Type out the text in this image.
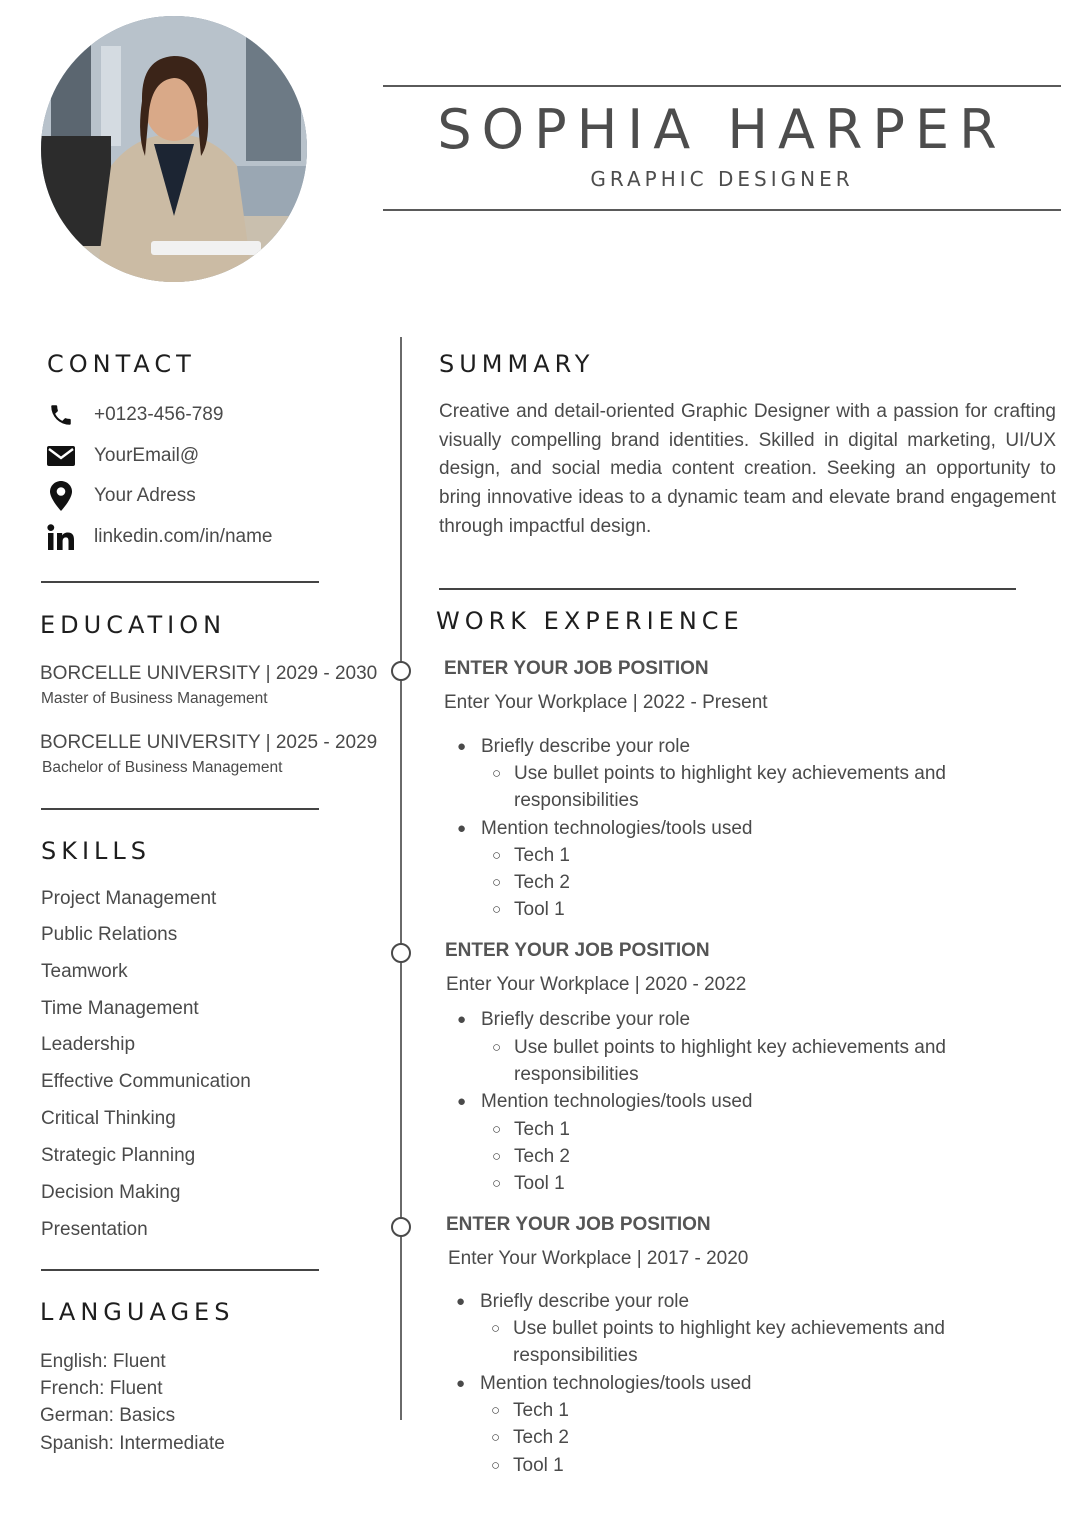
SOPHIA HARPER
GRAPHIC DESIGNER
CONTACT
+0123-456-789
YourEmail@
Your Adress
linkedin.com/in/name
EDUCATION
BORCELLE UNIVERSITY | 2029 - 2030
Master of Business Management
BORCELLE UNIVERSITY | 2025 - 2029
Bachelor of Business Management
SKILLS
Project Management
Public Relations
Teamwork
Time Management
Leadership
Effective Communication
Critical Thinking
Strategic Planning
Decision Making
Presentation
LANGUAGES
English: Fluent
French: Fluent
German: Basics
Spanish: Intermediate
SUMMARY
Creative and detail-oriented Graphic Designer with a passion for crafting visually compelling brand identities. Skilled in digital marketing, UI/UX design, and social media content creation. Seeking an opportunity to bring innovative ideas to a dynamic team and elevate brand engagement through impactful design.
WORK EXPERIENCE
ENTER YOUR JOB POSITION
Enter Your Workplace | 2022 - Present
● Briefly describe your role
○ Use bullet points to highlight key achievements and
responsibilities
● Mention technologies/tools used
○ Tech 1
○ Tech 2
○ Tool 1
ENTER YOUR JOB POSITION
Enter Your Workplace | 2020 - 2022
● Briefly describe your role
○ Use bullet points to highlight key achievements and
responsibilities
● Mention technologies/tools used
○ Tech 1
○ Tech 2
○ Tool 1
ENTER YOUR JOB POSITION
Enter Your Workplace | 2017 - 2020
● Briefly describe your role
○ Use bullet points to highlight key achievements and
responsibilities
● Mention technologies/tools used
○ Tech 1
○ Tech 2
○ Tool 1
